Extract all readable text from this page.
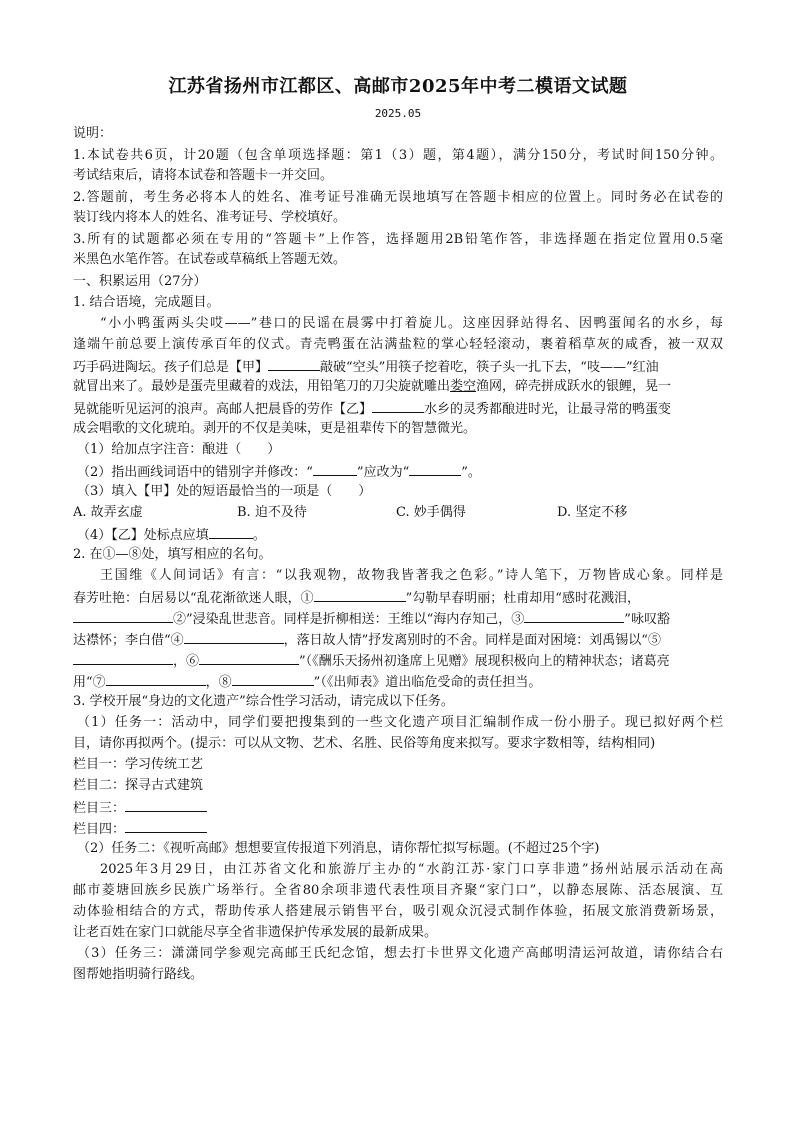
江苏省扬州市江都区、高邮市2025年中考二模语文试题
2025.05
说明：
1.本试卷共6页，计20题（包含单项选择题：第1（3）题，第4题），满分150分，考试时间150分钟。
考试结束后，请将本试卷和答题卡一并交回。
2.答题前，考生务必将本人的姓名、准考证号准确无误地填写在答题卡相应的位置上。同时务必在试卷的
装订线内将本人的姓名、准考证号、学校填好。
3.所有的试题都必须在专用的“答题卡”上作答，选择题用2B铅笔作答，非选择题在指定位置用0.5毫
米黑色水笔作答。在试卷或草稿纸上答题无效。
一、积累运用（27分）
1. 结合语境，完成题目。
“小小鸭蛋两头尖哎——”巷口的民谣在晨雾中打着旋儿。这座因驿站得名、因鸭蛋闻名的水乡，每
逢端午前总要上演传承百年的仪式。青壳鸭蛋在沾满盐粒的掌心轻轻滚动，裹着稻草灰的咸香，被一双双
巧手码进陶坛。孩子们总是【甲】	敲破“空头”用筷子挖着吃，筷子头一扎下去，“吱——”红油
就冒出来了。最妙是蛋壳里藏着的戏法，用铅笔刀的刀尖旋就雕出娄空渔网，碎壳拼成跃水的银鲤，晃一
晃就能听见运河的浪声。高邮人把晨昏的劳作【乙】	水乡的灵秀都酿进时光，让最寻常的鸭蛋变
成会唱歌的文化琥珀。剥开的不仅是美味，更是祖辈传下的智慧微光。
（1）给加点字注音：酿进（　　）
（2）指出画线词语中的错别字并修改：“	”应改为“	”。
（3）填入【甲】处的短语最恰当的一项是（　　）
A. 故弄玄虚	B. 迫不及待	C. 妙手偶得	D. 坚定不移
（4）【乙】处标点应填	。
2. 在①—⑧处，填写相应的名句。
王国维《人间词话》有言：“以我观物，故物我皆著我之色彩。”诗人笔下，万物皆成心象。同样是
春芳吐艳：白居易以“乱花渐欲迷人眼，①	”勾勒早春明丽；杜甫却用“感时花溅泪，
②”浸染乱世悲音。同样是折柳相送：王维以“海内存知己，③	”咏叹豁
达襟怀；李白借“④	，落日故人情”抒发离别时的不舍。同样是面对困境：刘禹锡以“⑤
，⑥	”（《酬乐天扬州初逢席上见赠》展现积极向上的精神状态；诸葛亮
用“⑦	，⑧	”（《出师表》道出临危受命的责任担当。
3. 学校开展“身边的文化遗产”综合性学习活动，请完成以下任务。
（1）任务一：活动中，同学们要把搜集到的一些文化遗产项目汇编制作成一份小册子。现已拟好两个栏
目，请你再拟两个。(提示：可以从文物、艺术、名胜、民俗等角度来拟写。要求字数相等，结构相同)
栏目一：学习传统工艺
栏目二：探寻古式建筑
栏目三：
栏目四：
（2）任务二：《视听高邮》想想要宣传报道下列消息，请你帮忙拟写标题。(不超过25个字)
2025年3月29日，由江苏省文化和旅游厅主办的“水韵江苏·家门口享非遗”扬州站展示活动在高
邮市菱塘回族乡民族广场举行。全省80余项非遗代表性项目齐聚“家门口”，以静态展陈、活态展演、互
动体验相结合的方式，帮助传承人搭建展示销售平台，吸引观众沉浸式制作体验，拓展文旅消费新场景，
让老百姓在家门口就能尽享全省非遗保护传承发展的最新成果。
（3）任务三：潇潇同学参观完高邮王氏纪念馆，想去打卡世界文化遗产高邮明清运河故道，请你结合右
图帮她指明骑行路线。
